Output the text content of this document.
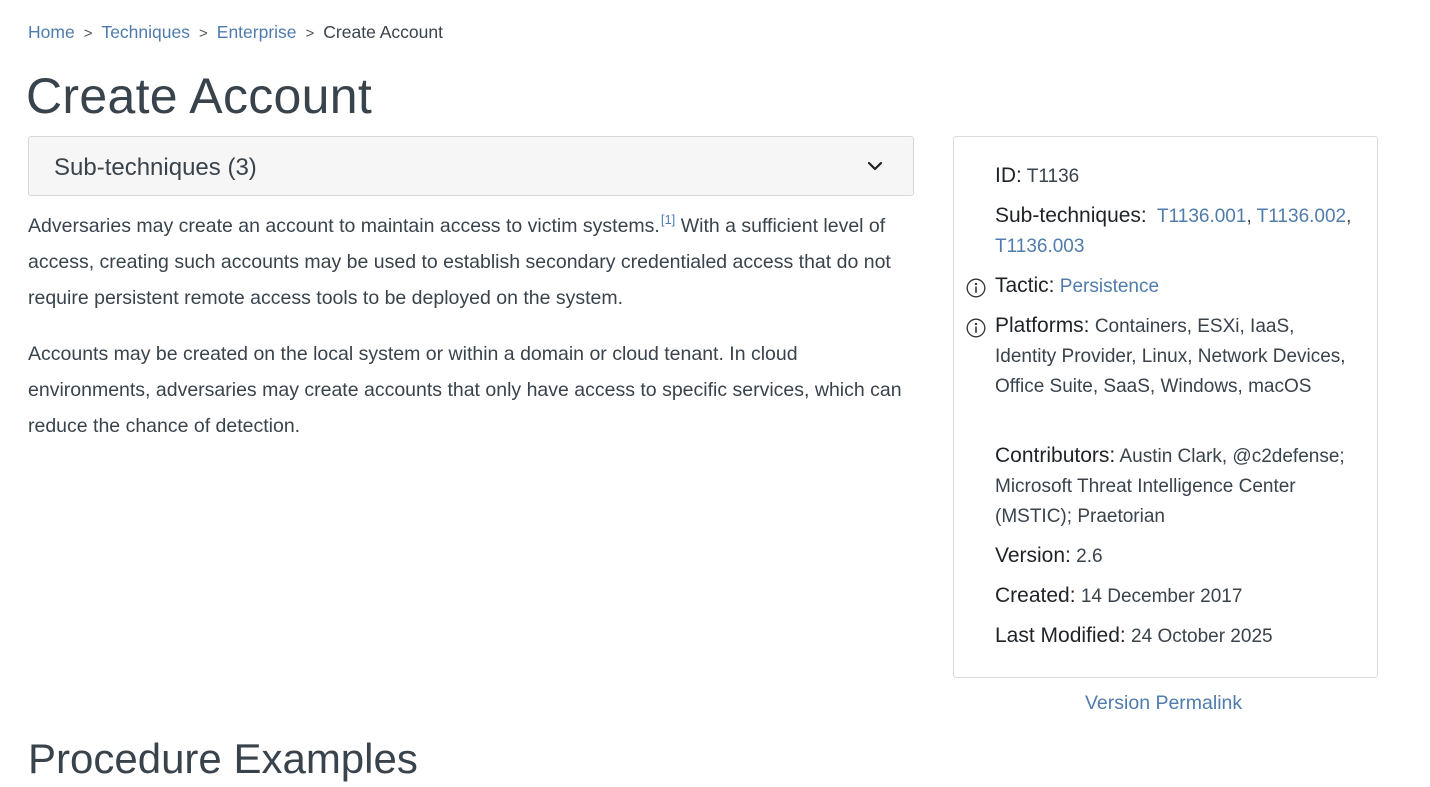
Home > Techniques > Enterprise > Create Account
Create Account
Sub-techniques (3)

Adversaries may create an account to maintain access to victim systems.[1] With a sufficient level of access, creating such accounts may be used to establish secondary credentialed access that do not require persistent remote access tools to be deployed on the system.

Accounts may be created on the local system or within a domain or cloud tenant. In cloud environments, adversaries may create accounts that only have access to specific services, which can reduce the chance of detection.

ID: T1136
Sub-techniques: T1136.001, T1136.002, T1136.003
Tactic: Persistence
Platforms: Containers, ESXi, IaaS, Identity Provider, Linux, Network Devices, Office Suite, SaaS, Windows, macOS
Contributors: Austin Clark, @c2defense; Microsoft Threat Intelligence Center (MSTIC); Praetorian
Version: 2.6
Created: 14 December 2017
Last Modified: 24 October 2025
Version Permalink
Procedure Examples
